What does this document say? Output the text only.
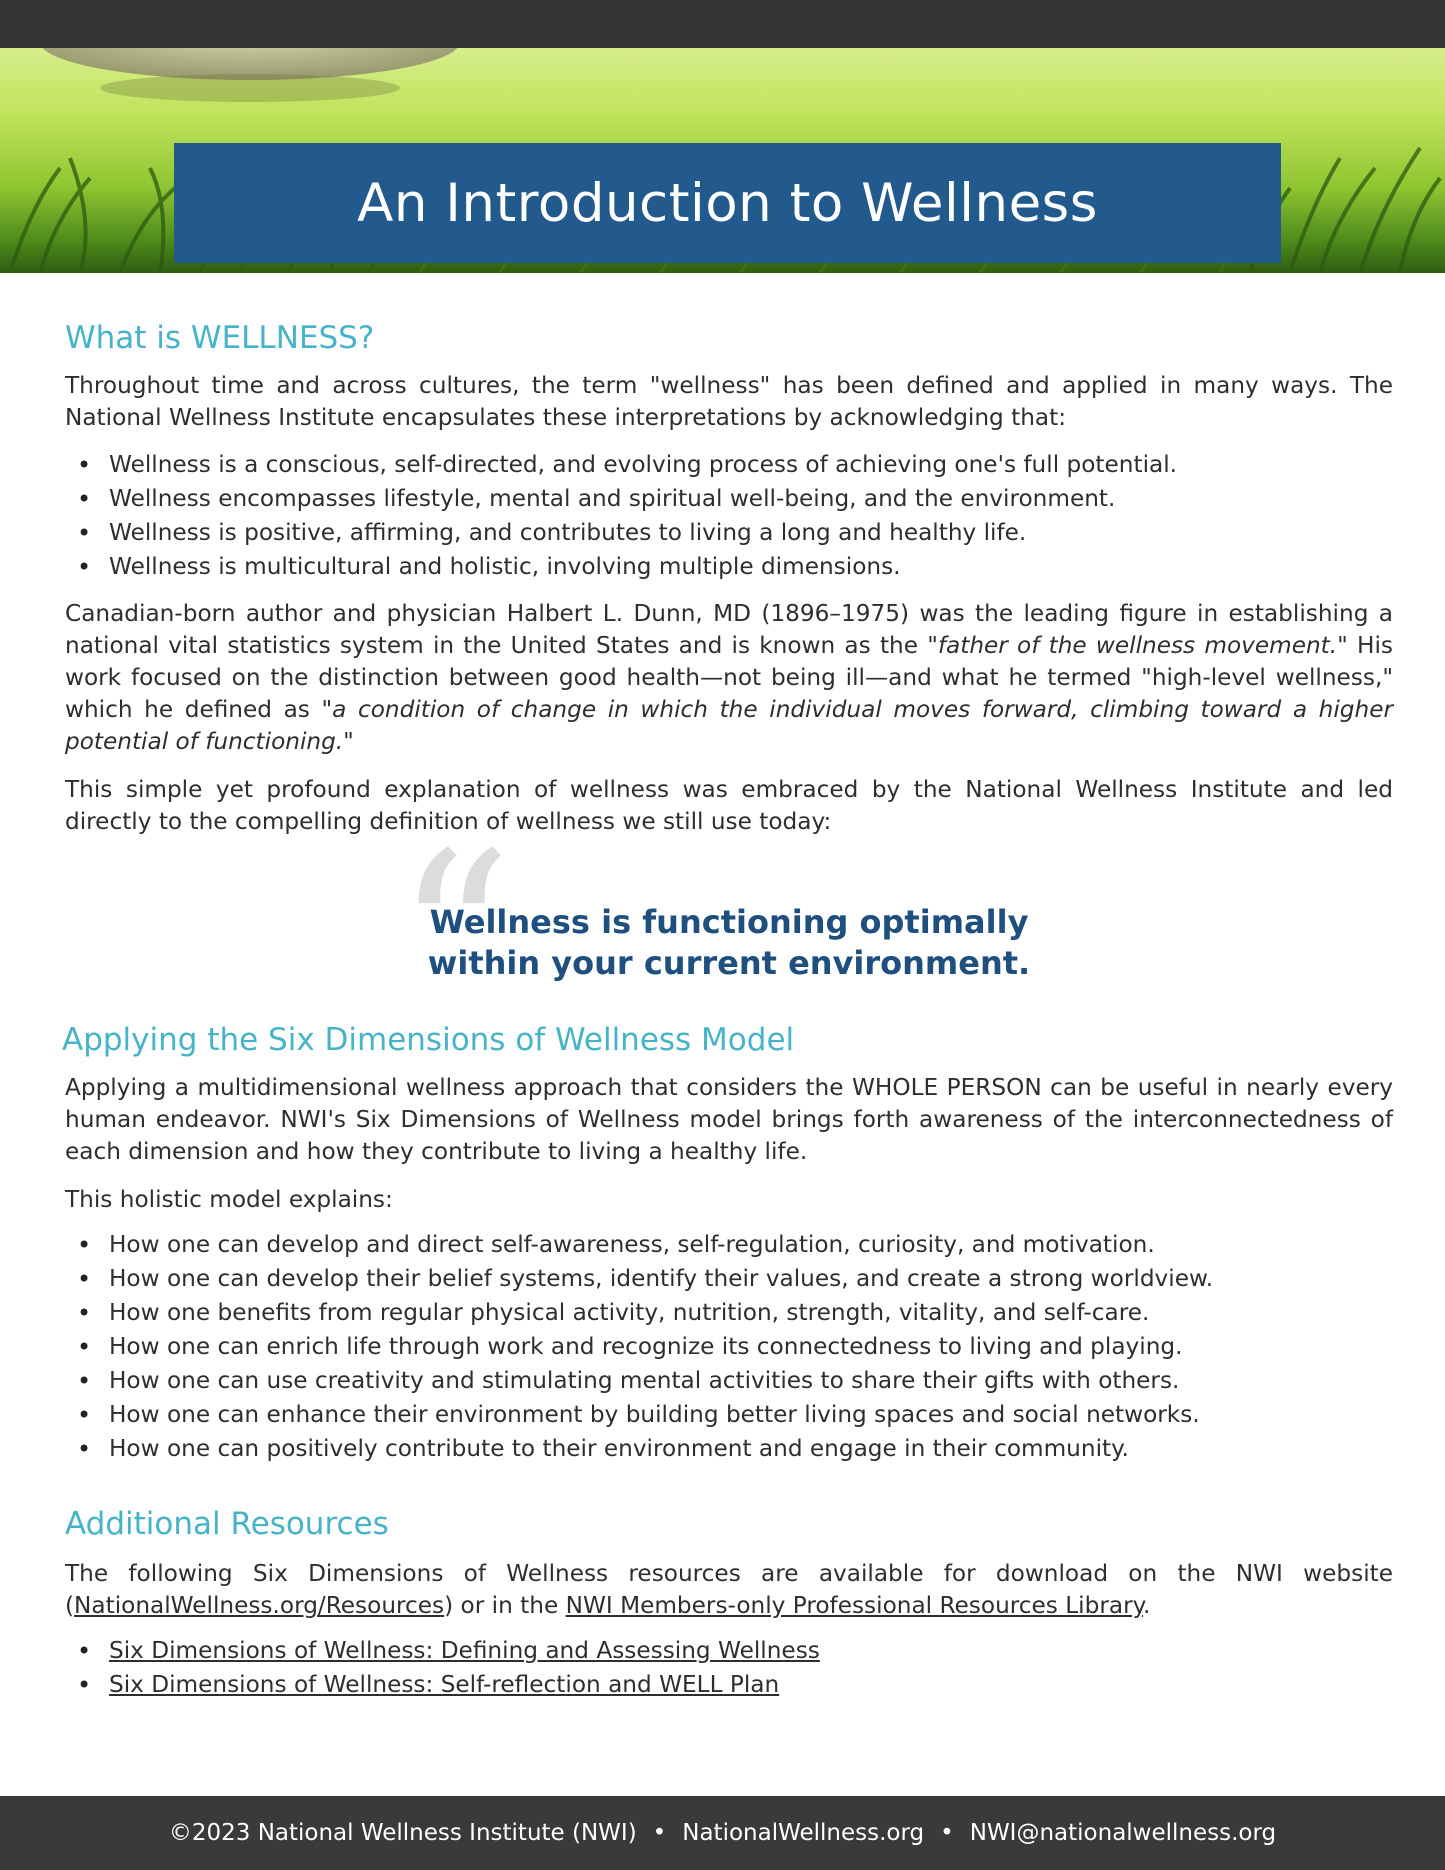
An Introduction to Wellness
What is WELLNESS?

Throughout time and across cultures, the term "wellness" has been defined and applied in many ways. The National Wellness Institute encapsulates these interpretations by acknowledging that:

• Wellness is a conscious, self-directed, and evolving process of achieving one's full potential.
• Wellness encompasses lifestyle, mental and spiritual well-being, and the environment.
• Wellness is positive, affirming, and contributes to living a long and healthy life.
• Wellness is multicultural and holistic, involving multiple dimensions.

Canadian-born author and physician Halbert L. Dunn, MD (1896–1975) was the leading figure in establishing a national vital statistics system in the United States and is known as the "father of the wellness movement." His work focused on the distinction between good health—not being ill—and what he termed "high-level wellness," which he defined as "a condition of change in which the individual moves forward, climbing toward a higher potential of functioning."

This simple yet profound explanation of wellness was embraced by the National Wellness Institute and led directly to the compelling definition of wellness we still use today:

“
Wellness is functioning optimally
within your current environment.
Applying the Six Dimensions of Wellness Model

Applying a multidimensional wellness approach that considers the WHOLE PERSON can be useful in nearly every human endeavor. NWI's Six Dimensions of Wellness model brings forth awareness of the interconnectedness of each dimension and how they contribute to living a healthy life.

This holistic model explains:

• How one can develop and direct self-awareness, self-regulation, curiosity, and motivation.
• How one can develop their belief systems, identify their values, and create a strong worldview.
• How one benefits from regular physical activity, nutrition, strength, vitality, and self-care.
• How one can enrich life through work and recognize its connectedness to living and playing.
• How one can use creativity and stimulating mental activities to share their gifts with others.
• How one can enhance their environment by building better living spaces and social networks.
• How one can positively contribute to their environment and engage in their community.
Additional Resources

The following Six Dimensions of Wellness resources are available for download on the NWI website (NationalWellness.org/Resources) or in the NWI Members-only Professional Resources Library.

• Six Dimensions of Wellness: Defining and Assessing Wellness
• Six Dimensions of Wellness: Self-reflection and WELL Plan
©2023 National Wellness Institute (NWI) • NationalWellness.org • NWI@nationalwellness.org
